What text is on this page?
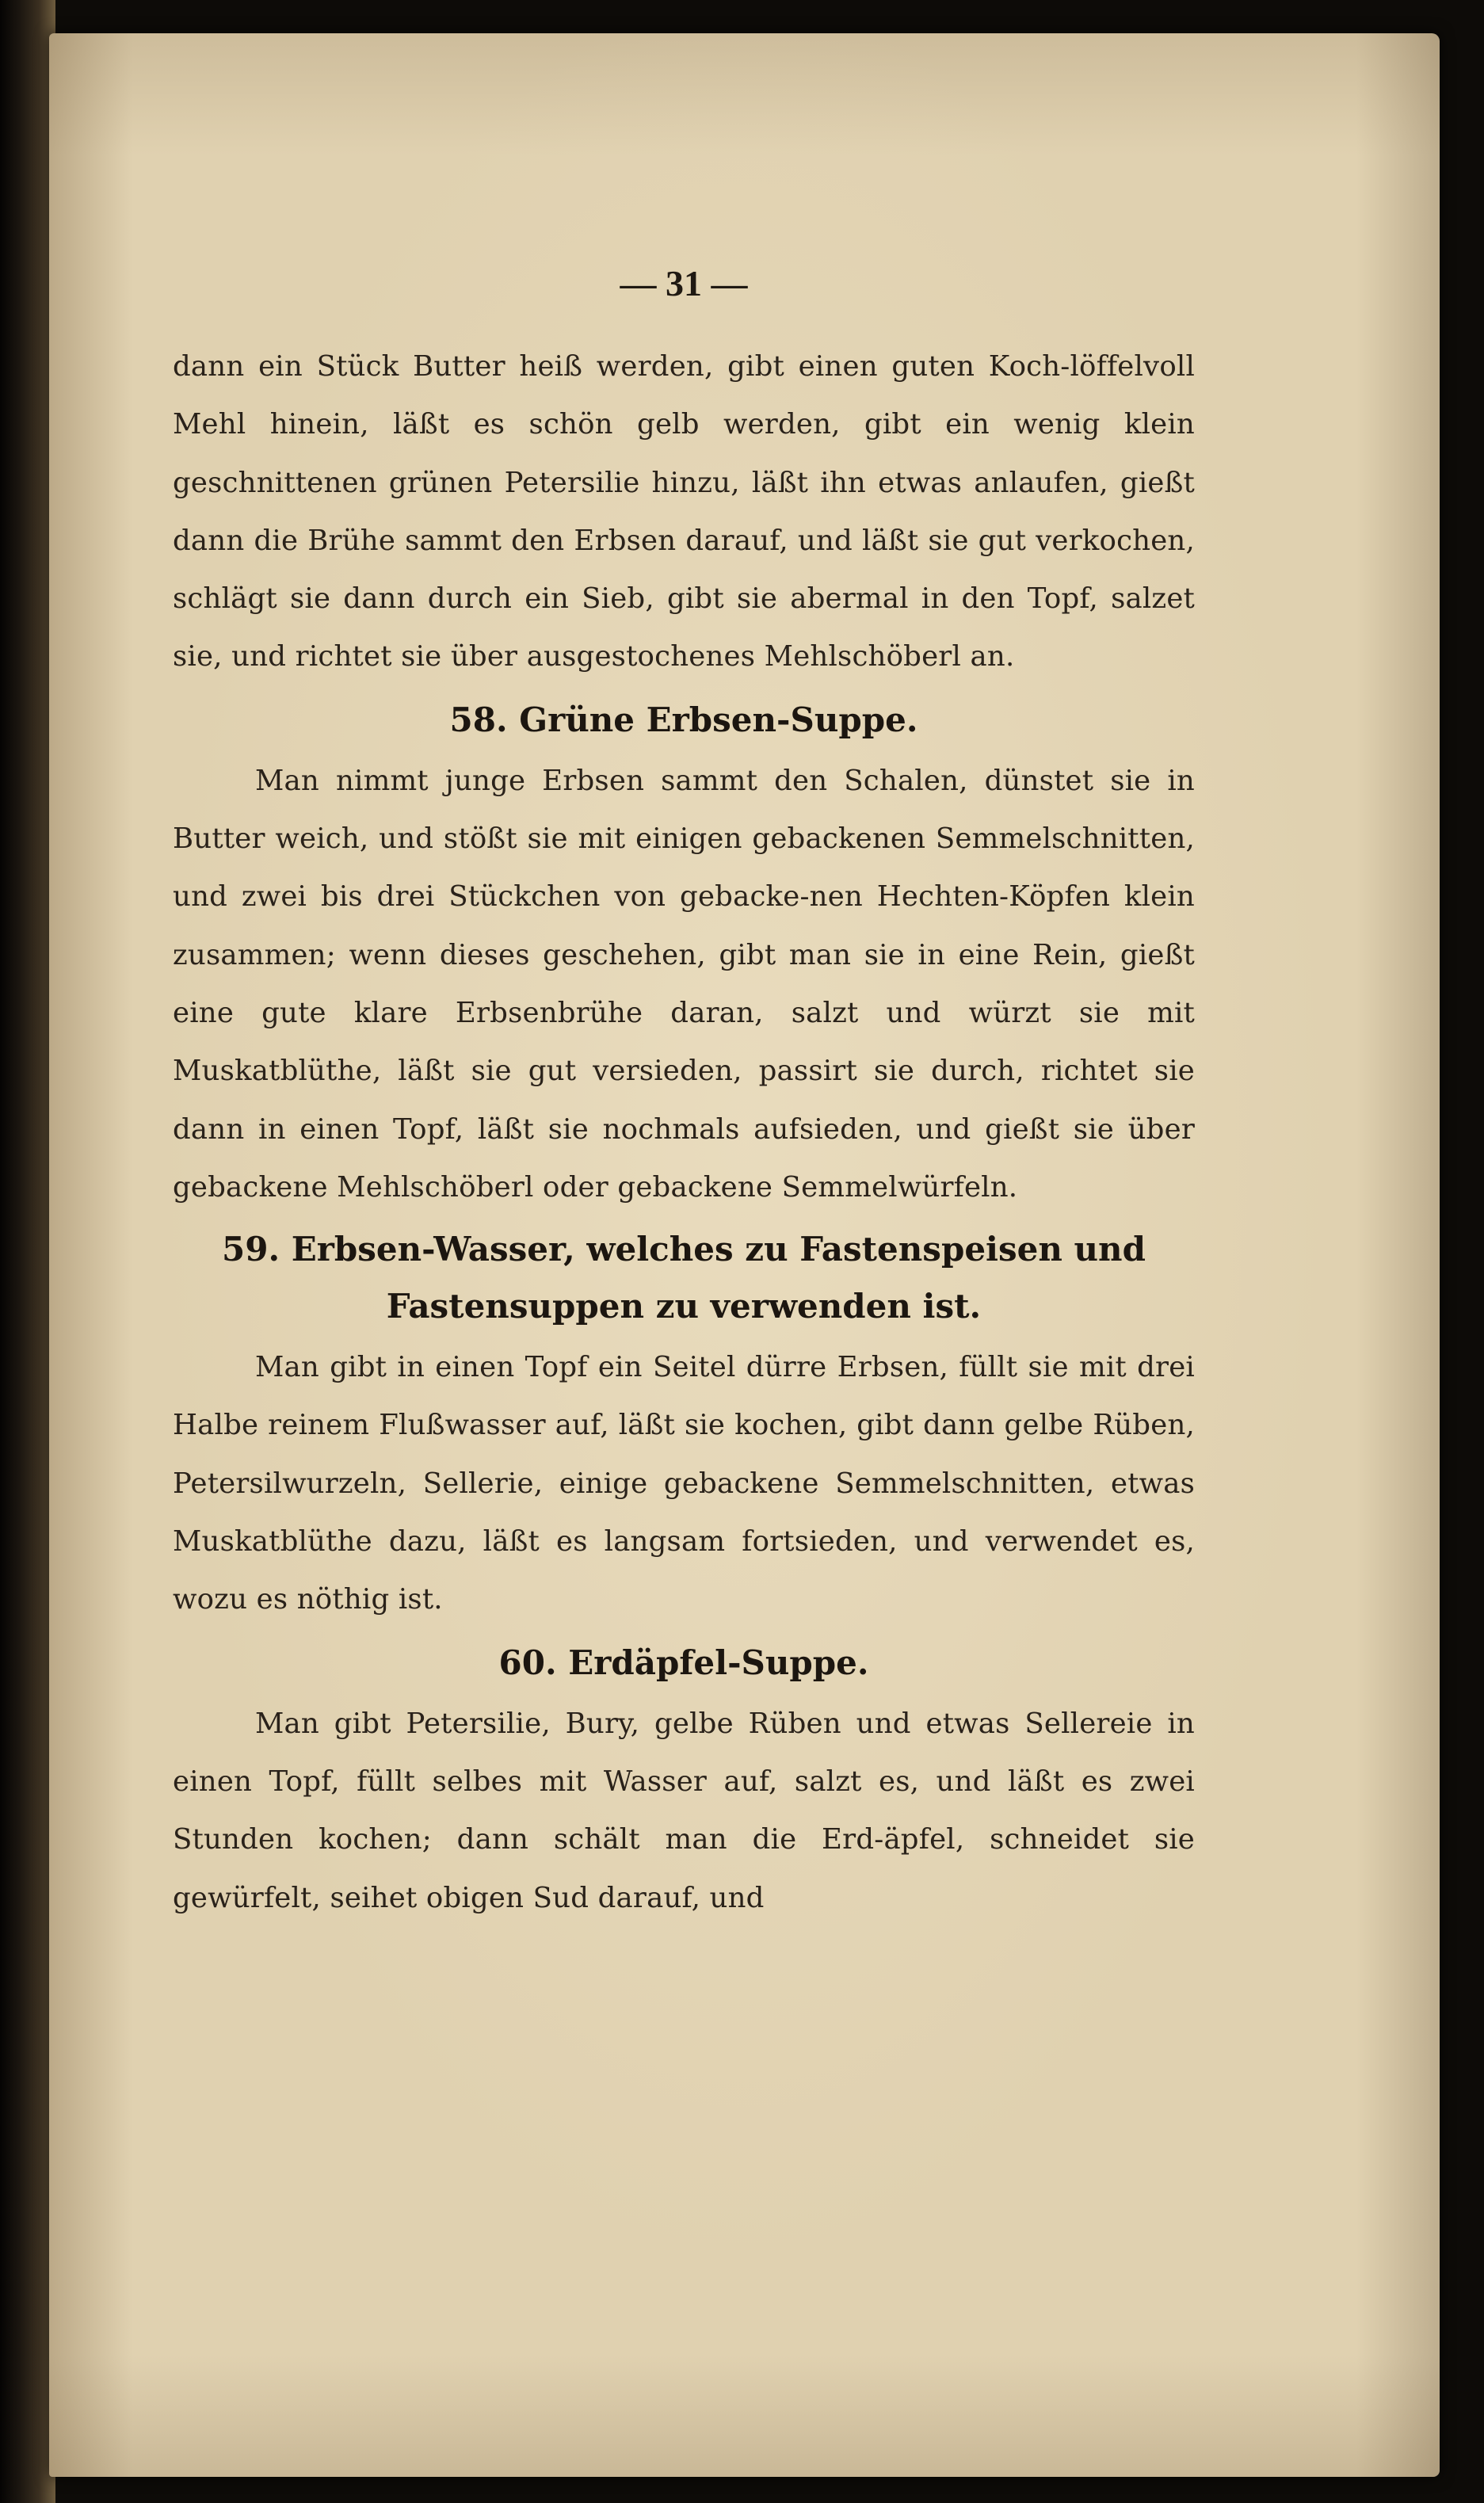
— 31 —

dann ein Stück Butter heiß werden, gibt einen guten Koch-löffelvoll Mehl hinein, läßt es schön gelb werden, gibt ein wenig klein geschnittenen grünen Petersilie hinzu, läßt ihn etwas anlaufen, gießt dann die Brühe sammt den Erbsen darauf, und läßt sie gut verkochen, schlägt sie dann durch ein Sieb, gibt sie abermal in den Topf, salzet sie, und richtet sie über ausgestochenes Mehlschöberl an.

58. Grüne Erbsen-Suppe.

Man nimmt junge Erbsen sammt den Schalen, dünstet sie in Butter weich, und stößt sie mit einigen gebackenen Semmelschnitten, und zwei bis drei Stückchen von gebacke-nen Hechten-Köpfen klein zusammen; wenn dieses geschehen, gibt man sie in eine Rein, gießt eine gute klare Erbsenbrühe daran, salzt und würzt sie mit Muskatblüthe, läßt sie gut versieden, passirt sie durch, richtet sie dann in einen Topf, läßt sie nochmals aufsieden, und gießt sie über gebackene Mehlschöberl oder gebackene Semmelwürfeln.

59. Erbsen-Wasser, welches zu Fastenspeisen und
Fastensuppen zu verwenden ist.

Man gibt in einen Topf ein Seitel dürre Erbsen, füllt sie mit drei Halbe reinem Flußwasser auf, läßt sie kochen, gibt dann gelbe Rüben, Petersilwurzeln, Sellerie, einige gebackene Semmelschnitten, etwas Muskatblüthe dazu, läßt es langsam fortsieden, und verwendet es, wozu es nöthig ist.

60. Erdäpfel-Suppe.

Man gibt Petersilie, Bury, gelbe Rüben und etwas Sellereie in einen Topf, füllt selbes mit Wasser auf, salzt es, und läßt es zwei Stunden kochen; dann schält man die Erd-äpfel, schneidet sie gewürfelt, seihet obigen Sud darauf, und
